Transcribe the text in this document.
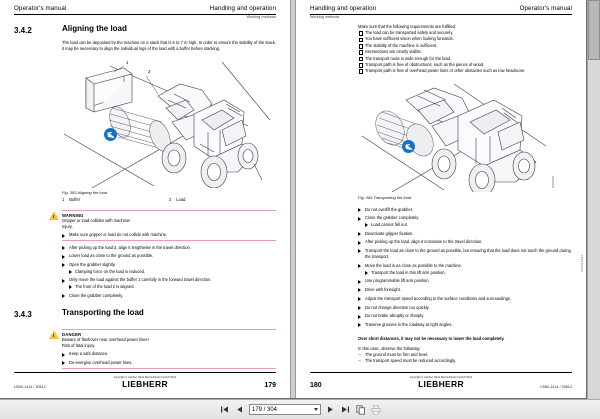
Operator's manual	Handling and operation
Working methods
3.4.2	Aligning the load

The load can be deposited by the machine on a stack that is 6 to 7 m high. In order to ensure the stability of the stack, it may be necessary to align the individual logs of the load with a buffer before stacking.

1
2
Fig. 383 Aligning the load
1 Buffer	2 Load
!
WARNING
Gripper or load collides with machine!
Injury.
Make sure gripper or load do not collide with machine.
After picking up the load 2, align it lengthwise in the travel direction.
Lower load as close to the ground as possible.
Open the grabber slightly.
Clamping force on the load is reduced.
Only move the load against the buffer 1 carefully in the forward travel direction.
The front of the load 2 is aligned.
Close the grabber completely.
3.4.3	Transporting the load
!
DANGER
Beware of flashover near overhead power lines!
Risk of fatal injury.
Keep a safe distance.
De-energise overhead power lines.
LSB0-1414 / 30512	179
copyright © Liebherr-Werk Bischofshofen GmbH 2019
LIEBHERR
Handling and operation	Operator's manual
Working methods

Make sure that the following requirements are fulfilled:

The load can be transported safely and securely.
You have sufficient vision when looking forwards.
The stability of the machine is sufficient.
Intersections are clearly visible.
The transport route is wide enough for the load.
Transport path is free of obstructions, such as the pieces of wood.
Transport path is free of overhead power lines or other obstacles such as low headroom.
LEZZ0000
Fig. 384 Transporting the load
Do not overfill the grabber.
Close the grabber completely.
Load cannot fall out.
Deactivate gripper fixation.
After picking up the load, align it crosswise to the travel direction.
Transport the load as close to the ground as possible, but ensuring that the load does not touch the ground during the transport.
Move the load in as close as possible to the machine.
Transport the load in this lift arm position.
Use programmable lift arm position.
Drive with foresight.
Adjust the transport speed according to the surface conditions and surroundings.
Do not change direction too quickly.
Do not brake abruptly or sharply.
Traverse grooves in the roadway at right angles.

Over short distances, it may not be necessary to lower the load completely.

In this case, observe the following:

– The ground must be firm and level.
– The transport speed must be reduced accordingly.
LEZ01/2019
180	LSB0-1414 / 30512
copyright © Liebherr-Werk Bischofshofen GmbH 2019
LIEBHERR
179 / 304
